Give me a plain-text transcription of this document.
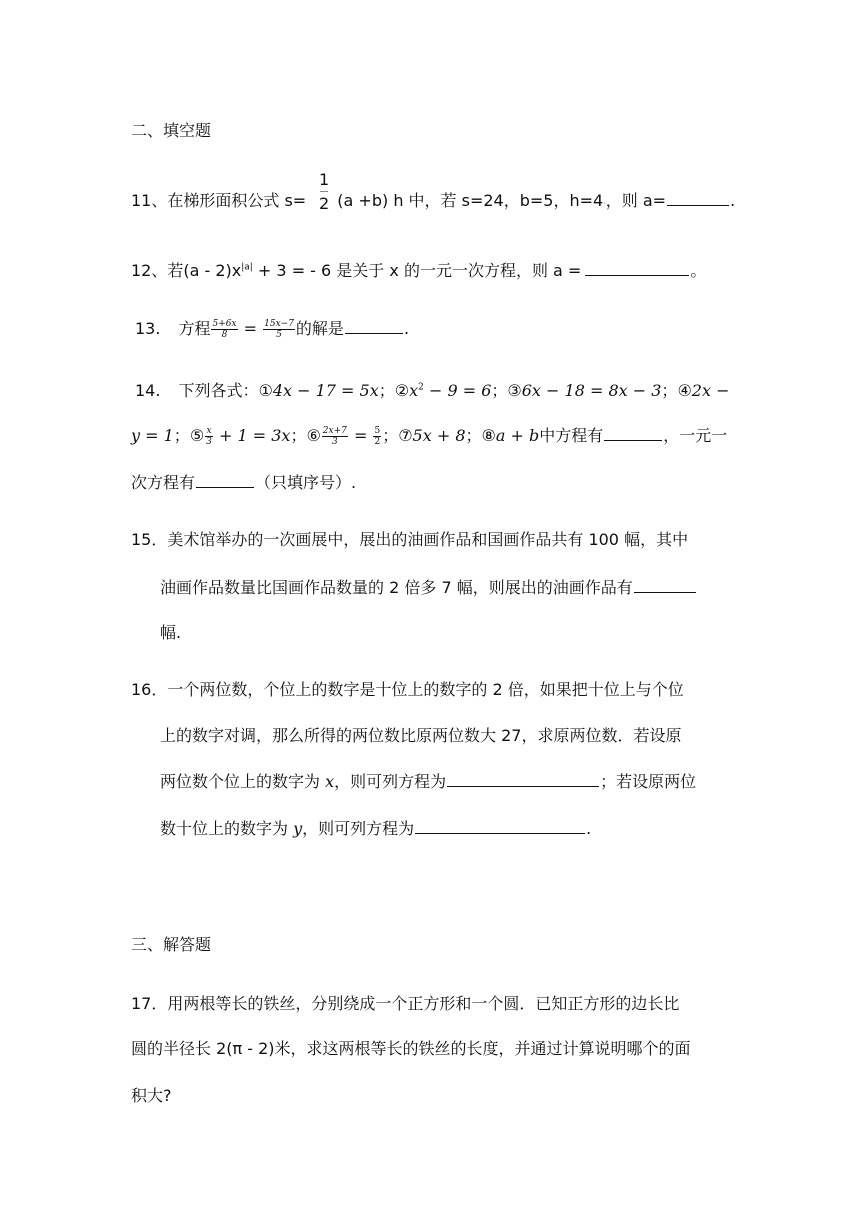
二、填空题
11、在梯形面积公式 s= (a +b) h 中，若 s=24，b=5，h=4·，则 a=	.
1
2
12、若$(a - 2)x^{|a|} + 3$ = - 6 是关于 x 的一元一次方程，则 a =	。
13. 方程 $\frac{5+6x}{8} = \frac{15x-7}{5}$ 的解是	.
14. 下列各式：①4x − 17 = 5x；$②x^2 - 9 = 6$；③6x − 18 = 8x − 3；④2x −
y = 1；⑤ $\frac{x}{3} + 1 = 3x$；⑥ $\frac{2x+7}{3} = \frac{5}{2}$ ；⑦5x + 8；⑧a + b中方程有	，一元一
次方程有	（只填序号）.
15．美术馆举办的一次画展中，展出的油画作品和国画作品共有 100 幅，其中
油画作品数量比国画作品数量的 2 倍多 7 幅，则展出的油画作品有
幅.
16．一个两位数，个位上的数字是十位上的数字的 2 倍，如果把十位上与个位
上的数字对调，那么所得的两位数比原两位数大 27，求原两位数．若设原
两位数个位上的数字为 x，则可列方程为	；若设原两位
数十位上的数字为 y，则可列方程为	.
三、解答题
17．用两根等长的铁丝，分别绕成一个正方形和一个圆．已知正方形的边长比
圆的半径长 2(π - 2)米，求这两根等长的铁丝的长度，并通过计算说明哪个的面
积大?
